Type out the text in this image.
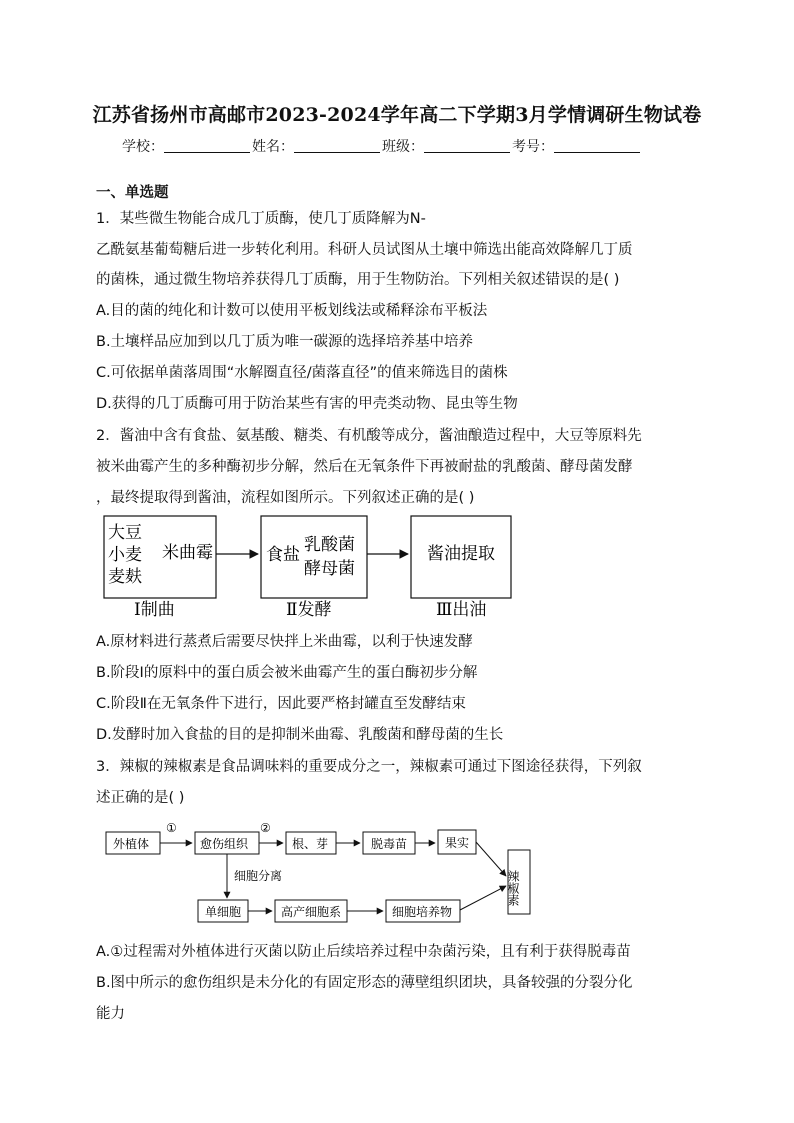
江苏省扬州市高邮市2023-2024学年高二下学期3月学情调研生物试卷
学校：	姓名：	班级：	考号：
一、单选题
1．某些微生物能合成几丁质酶，使几丁质降解为N-
乙酰氨基葡萄糖后进一步转化利用。科研人员试图从土壤中筛选出能高效降解几丁质
的菌株，通过微生物培养获得几丁质酶，用于生物防治。下列相关叙述错误的是( )
A.目的菌的纯化和计数可以使用平板划线法或稀释涂布平板法
B.土壤样品应加到以几丁质为唯一碳源的选择培养基中培养
C.可依据单菌落周围“水解圈直径/菌落直径”的值来筛选目的菌株
D.获得的几丁质酶可用于防治某些有害的甲壳类动物、昆虫等生物
2．酱油中含有食盐、氨基酸、糖类、有机酸等成分，酱油酿造过程中，大豆等原料先
被米曲霉产生的多种酶初步分解，然后在无氧条件下再被耐盐的乳酸菌、酵母菌发酵
，最终提取得到酱油，流程如图所示。下列叙述正确的是( )
大豆
小麦
麦麸
米曲霉	食盐 乳酸菌
酵母菌
酱油提取
Ⅰ制曲	Ⅱ发酵	Ⅲ出油
A.原材料进行蒸煮后需要尽快拌上米曲霉，以利于快速发酵
B.阶段Ⅰ的原料中的蛋白质会被米曲霉产生的蛋白酶初步分解
C.阶段Ⅱ在无氧条件下进行，因此要严格封罐直至发酵结束
D.发酵时加入食盐的目的是抑制米曲霉、乳酸菌和酵母菌的生长
3．辣椒的辣椒素是食品调味料的重要成分之一，辣椒素可通过下图途径获得，下列叙
述正确的是( )
外植体
①
愈伤组织
②
根、芽	脱毒苗	果实
辣椒素
细胞分离
单细胞	高产细胞系	细胞培养物
A.①过程需对外植体进行灭菌以防止后续培养过程中杂菌污染，且有利于获得脱毒苗
B.图中所示的愈伤组织是未分化的有固定形态的薄壁组织团块，具备较强的分裂分化
能力
